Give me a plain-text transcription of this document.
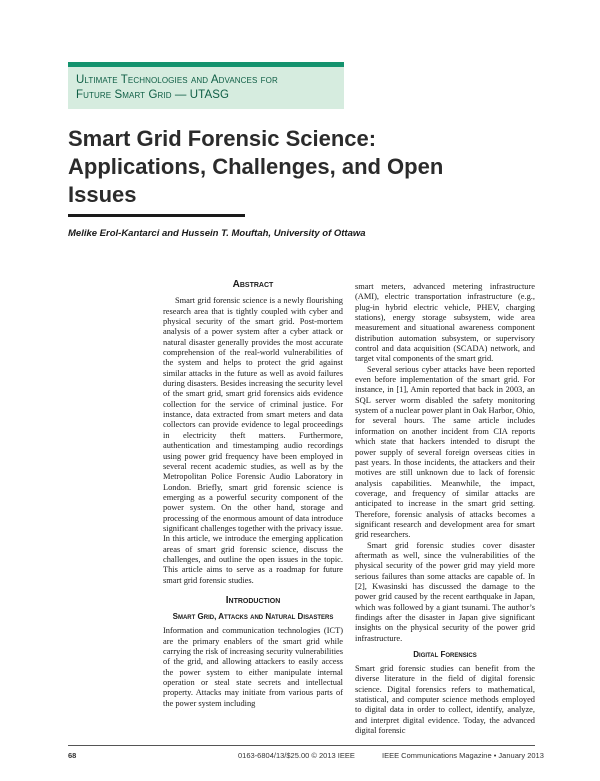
Ultimate Technologies and Advances for
Future Smart Grid — UTASG
Smart Grid Forensic Science: Applications, Challenges, and Open Issues
Melike Erol-Kantarci and Hussein T. Mouftah, University of Ottawa
Abstract

Smart grid forensic science is a newly flourishing research area that is tightly coupled with cyber and physical security of the smart grid. Post-mortem analysis of a power system after a cyber attack or natural disaster generally provides the most accurate comprehension of the real-world vulnerabilities of the system and helps to protect the grid against similar attacks in the future as well as avoid failures during disasters. Besides increasing the security level of the smart grid, smart grid forensics aids evidence collection for the service of criminal justice. For instance, data extracted from smart meters and data collectors can provide evidence to legal proceedings in electricity theft matters. Furthermore, authentication and timestamping audio recordings using power grid frequency have been employed in several recent academic studies, as well as by the Metropolitan Police Forensic Audio Laboratory in London. Briefly, smart grid forensic science is emerging as a powerful security component of the power system. On the other hand, storage and processing of the enormous amount of data introduce significant challenges together with the privacy issue. In this article, we introduce the emerging application areas of smart grid forensic science, discuss the challenges, and outline the open issues in the topic. This article aims to serve as a roadmap for future smart grid forensic studies.

Introduction
Smart Grid, Attacks and Natural Disasters

Information and communication technologies (ICT) are the primary enablers of the smart grid while carrying the risk of increasing security vulnerabilities of the grid, and allowing attackers to easily access the power system to either manipulate internal operation or steal state secrets and intellectual property. Attacks may initiate from various parts of the power system including

smart meters, advanced metering infrastructure (AMI), electric transportation infrastructure (e.g., plug-in hybrid electric vehicle, PHEV, charging stations), energy storage subsystem, wide area measurement and situational awareness component distribution automation subsystem, or supervisory control and data acquisition (SCADA) network, and target vital components of the smart grid.

Several serious cyber attacks have been reported even before implementation of the smart grid. For instance, in [1], Amin reported that back in 2003, an SQL server worm disabled the safety monitoring system of a nuclear power plant in Oak Harbor, Ohio, for several hours. The same article includes information on another incident from CIA reports which state that hackers intended to disrupt the power supply of several foreign overseas cities in past years. In those incidents, the attackers and their motives are still unknown due to lack of forensic analysis capabilities. Meanwhile, the impact, coverage, and frequency of similar attacks are anticipated to increase in the smart grid setting. Therefore, forensic analysis of attacks becomes a significant research and development area for smart grid researchers.

Smart grid forensic studies cover disaster aftermath as well, since the vulnerabilities of the physical security of the power grid may yield more serious failures than some attacks are capable of. In [2], Kwasinski has discussed the damage to the power grid caused by the recent earthquake in Japan, which was followed by a giant tsunami. The author’s findings after the disaster in Japan give significant insights on the physical security of the power grid infrastructure.

Digital Forensics

Smart grid forensic studies can benefit from the diverse literature in the field of digital forensic science. Digital forensics refers to mathematical, statistical, and computer science methods employed to digital data in order to collect, identify, analyze, and interpret digital evidence. Today, the advanced digital forensic

68	0163-6804/13/$25.00 © 2013 IEEE	IEEE Communications Magazine • January 2013
